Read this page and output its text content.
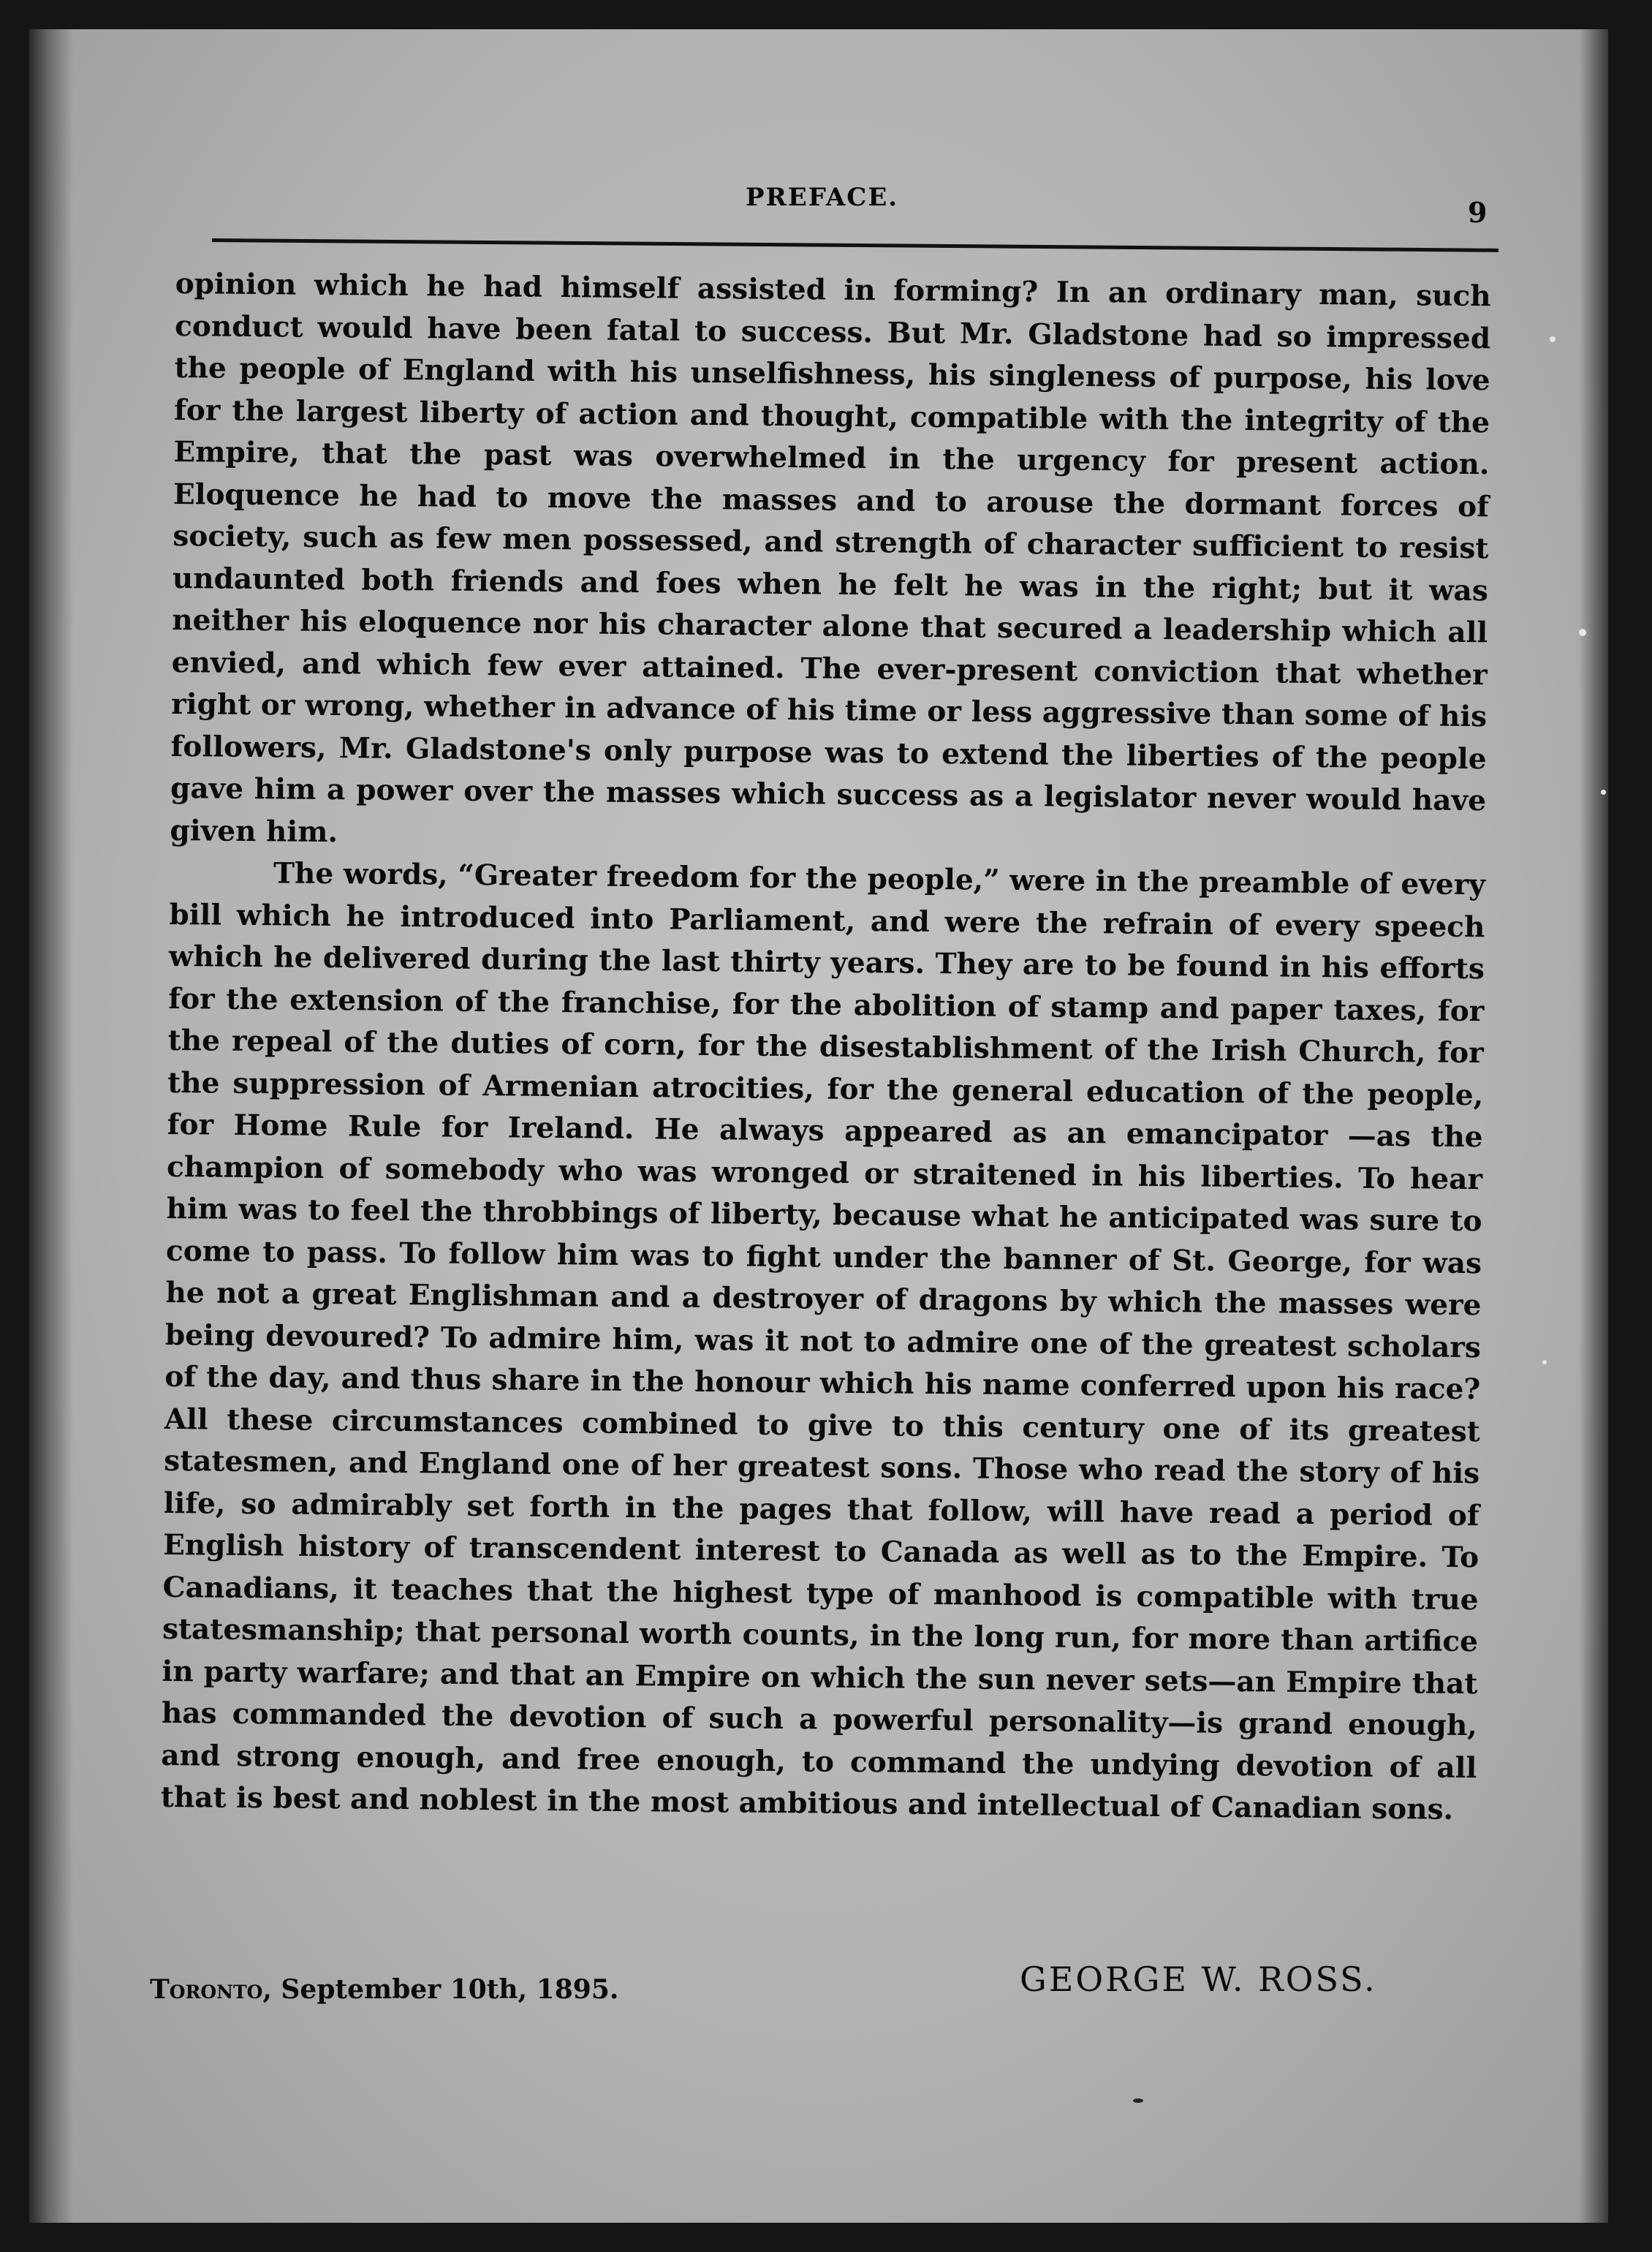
PREFACE.	9

opinion which he had himself assisted in forming? In an ordinary man, such conduct would have been fatal to success. But Mr. Gladstone had so impressed the people of England with his unselfishness, his singleness of purpose, his love for the largest liberty of action and thought, compatible with the integrity of the Empire, that the past was overwhelmed in the urgency for present action. Eloquence he had to move the masses and to arouse the dormant forces of society, such as few men possessed, and strength of character sufficient to resist undaunted both friends and foes when he felt he was in the right; but it was neither his eloquence nor his character alone that secured a leadership which all envied, and which few ever attained. The ever-present conviction that whether right or wrong, whether in advance of his time or less aggressive than some of his followers, Mr. Gladstone's only purpose was to extend the liberties of the people gave him a power over the masses which success as a legislator never would have given him.

The words, “Greater freedom for the people,” were in the preamble of every bill which he introduced into Parliament, and were the refrain of every speech which he delivered during the last thirty years. They are to be found in his efforts for the extension of the franchise, for the abolition of stamp and paper taxes, for the repeal of the duties of corn, for the disestablishment of the Irish Church, for the suppression of Armenian atrocities, for the general education of the people, for Home Rule for Ireland. He always appeared as an emancipator —as the champion of somebody who was wronged or straitened in his liberties. To hear him was to feel the throbbings of liberty, because what he anticipated was sure to come to pass. To follow him was to fight under the banner of St. George, for was he not a great Englishman and a destroyer of dragons by which the masses were being devoured? To admire him, was it not to admire one of the greatest scholars of the day, and thus share in the honour which his name conferred upon his race? All these circumstances combined to give to this century one of its greatest statesmen, and England one of her greatest sons. Those who read the story of his life, so admirably set forth in the pages that follow, will have read a period of English history of transcendent interest to Canada as well as to the Empire. To Canadians, it teaches that the highest type of manhood is compatible with true statesmanship; that personal worth counts, in the long run, for more than artifice in party warfare; and that an Empire on which the sun never sets—an Empire that has commanded the devotion of such a powerful personality—is grand enough, and strong enough, and free enough, to command the undying devotion of all that is best and noblest in the most ambitious and intellectual of Canadian sons.

Toronto, September 10th, 1895.	GEORGE W. ROSS.
